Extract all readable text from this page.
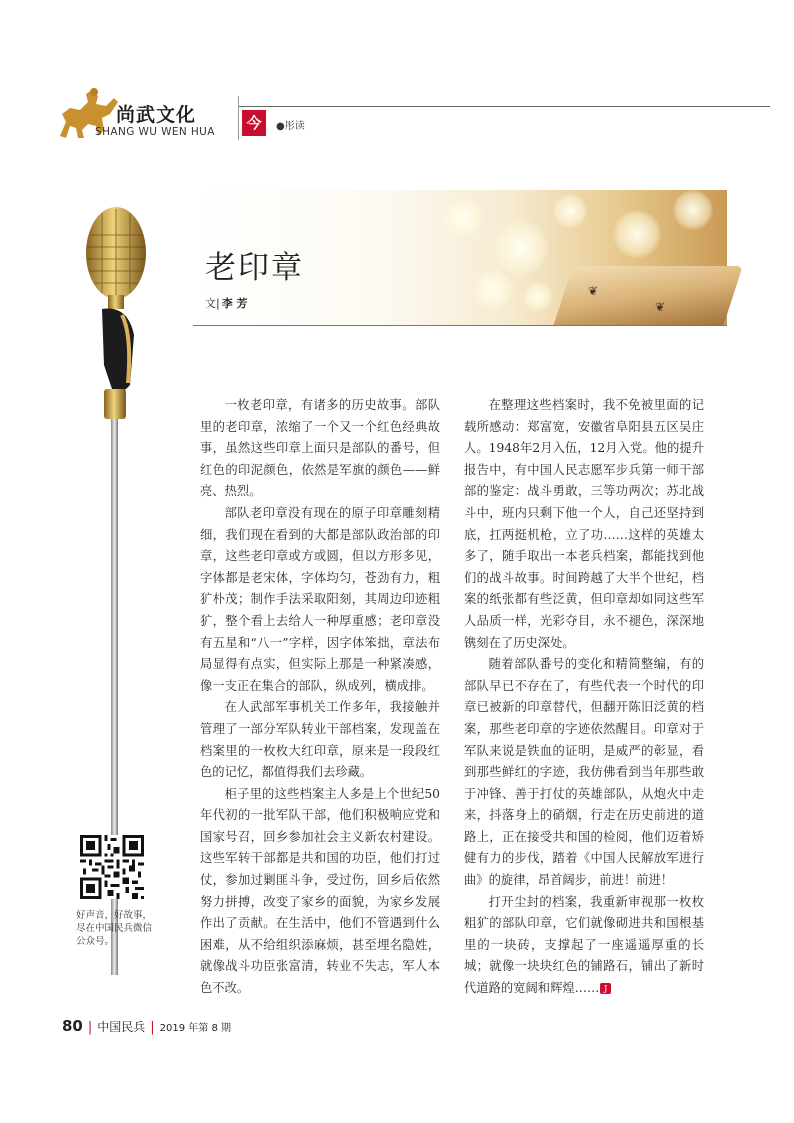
尚武文化
SHANG WU WEN HUA 今	●彤读
❦
❦
老印章
文| 李 芳

一枚老印章，有诸多的历史故事。部队里的老印章，浓缩了一个又一个红色经典故事，虽然这些印章上面只是部队的番号，但红色的印泥颜色，依然是军旗的颜色——鲜亮、热烈。

部队老印章没有现在的原子印章雕刻精细，我们现在看到的大都是部队政治部的印章，这些老印章或方或圆，但以方形多见，字体都是老宋体，字体均匀，苍劲有力，粗犷朴茂；制作手法采取阳刻，其周边印迹粗犷，整个看上去给人一种厚重感；老印章没有五星和“八一”字样，因字体笨拙，章法布局显得有点实，但实际上那是一种紧凑感，像一支正在集合的部队，纵成列，横成排。

在人武部军事机关工作多年，我接触并管理了一部分军队转业干部档案，发现盖在档案里的一枚枚大红印章，原来是一段段红色的记忆，都值得我们去珍藏。

柜子里的这些档案主人多是上个世纪50年代初的一批军队干部，他们积极响应党和国家号召，回乡参加社会主义新农村建设。这些军转干部都是共和国的功臣，他们打过仗，参加过剿匪斗争，受过伤，回乡后依然努力拼搏，改变了家乡的面貌，为家乡发展作出了贡献。在生活中，他们不管遇到什么困难，从不给组织添麻烦，甚至埋名隐姓，就像战斗功臣张富清，转业不失志，军人本色不改。

在整理这些档案时，我不免被里面的记载所感动：郑富宽，安徽省阜阳县五区吴庄人。1948年2月入伍，12月入党。他的提升报告中，有中国人民志愿军步兵第一师干部部的鉴定：战斗勇敢，三等功两次；苏北战斗中，班内只剩下他一个人，自己还坚持到底，扛两挺机枪，立了功……这样的英雄太多了，随手取出一本老兵档案，都能找到他们的战斗故事。时间跨越了大半个世纪，档案的纸张都有些泛黄，但印章却如同这些军人品质一样，光彩夺目，永不褪色，深深地镌刻在了历史深处。

随着部队番号的变化和精简整编，有的部队早已不存在了，有些代表一个时代的印章已被新的印章替代，但翻开陈旧泛黄的档案，那些老印章的字迹依然醒目。印章对于军队来说是铁血的证明，是威严的彰显，看到那些鲜红的字迹，我仿佛看到当年那些敢于冲锋、善于打仗的英雄部队，从炮火中走来，抖落身上的硝烟，行走在历史前进的道路上，正在接受共和国的检阅，他们迈着矫健有力的步伐，踏着《中国人民解放军进行曲》的旋律，昂首阔步，前进！前进！

打开尘封的档案，我重新审视那一枚枚粗犷的部队印章，它们就像砌进共和国根基里的一块砖，支撑起了一座遥遥厚重的长城；就像一块块红色的铺路石，铺出了新时代道路的宽阔和辉煌…… J

好声音，好故事，尽在中国民兵微信公众号。
80 | 中国民兵 | 2019 年第 8 期
